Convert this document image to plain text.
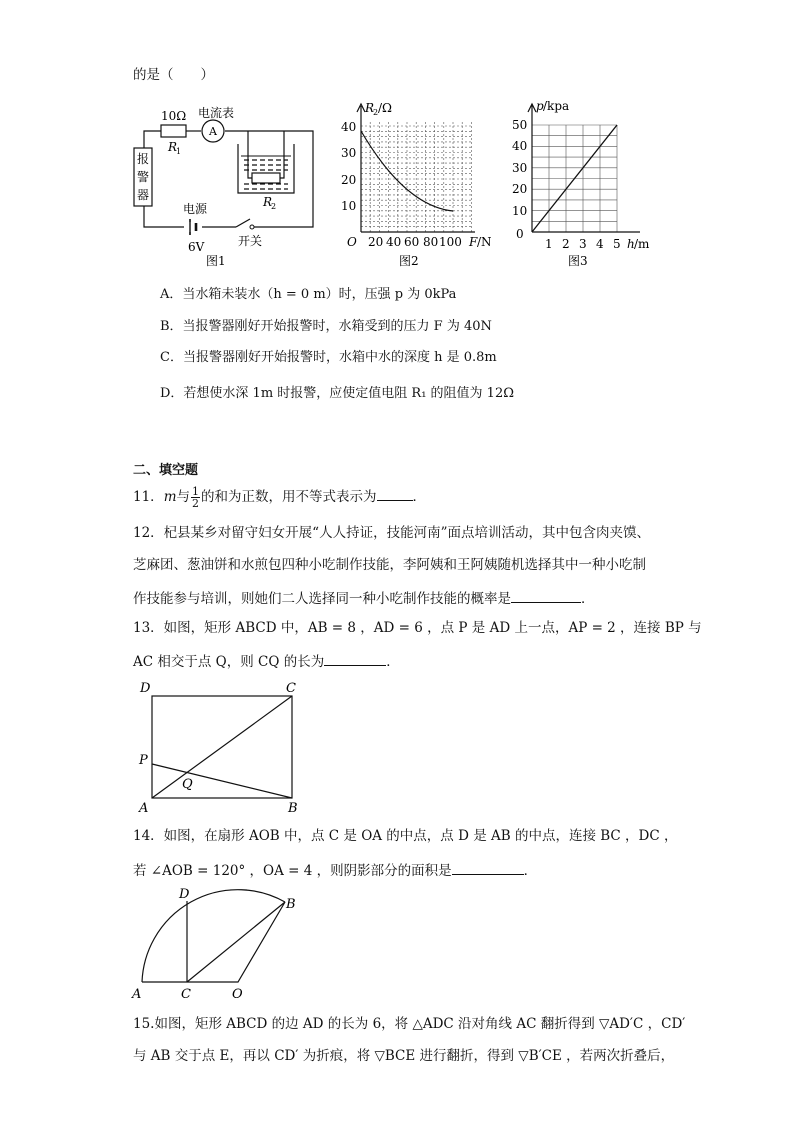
的是（　　）
10Ω
R
1
电流表
A
报
警
器
电源
6V	开关
R
2
图1
R
2 /Ω
O
40
30
20
10
20 40 60 80 100 F /N
图2
p /kpa
0
50
40
30
20
10
1 2 3 4 5 h /m
图3
A．当水箱未装水（h = 0 m）时，压强 p 为 0kPa
B．当报警器刚好开始报警时，水箱受到的压力 F 为 40N
C．当报警器刚好开始报警时，水箱中水的深度 h 是 0.8m
D．若想使水深 1m 时报警，应使定值电阻 R₁ 的阻值为 12Ω
二、填空题
11．m与 $\frac{1}{2}$ 的和为正数，用不等式表示为	．
12．杞县某乡对留守妇女开展“人人持证，技能河南”面点培训活动，其中包含肉夹馍、
芝麻团、葱油饼和水煎包四种小吃制作技能，李阿姨和王阿姨随机选择其中一种小吃制
作技能参与培训，则她们二人选择同一种小吃制作技能的概率是	．
13．如图，矩形 ABCD 中，AB = 8 ，AD = 6 ，点 P 是 AD 上一点，AP = 2 ，连接 BP 与
AC 相交于点 Q，则 CQ 的长为	．
D	C
P
Q
A	B
14．如图，在扇形 AOB 中，点 C 是 OA 的中点，点 D 是 AB 的中点，连接 BC ，DC ，
若 ∠AOB = 120° ，OA = 4 ，则阴影部分的面积是	．
D
B
A	C	O
15.如图，矩形 ABCD 的边 AD 的长为 6，将 △ADC 沿对角线 AC 翻折得到 ▽AD′C ，CD′
与 AB 交于点 E，再以 CD′ 为折痕，将 ▽BCE 进行翻折，得到 ▽B′CE ，若两次折叠后，
